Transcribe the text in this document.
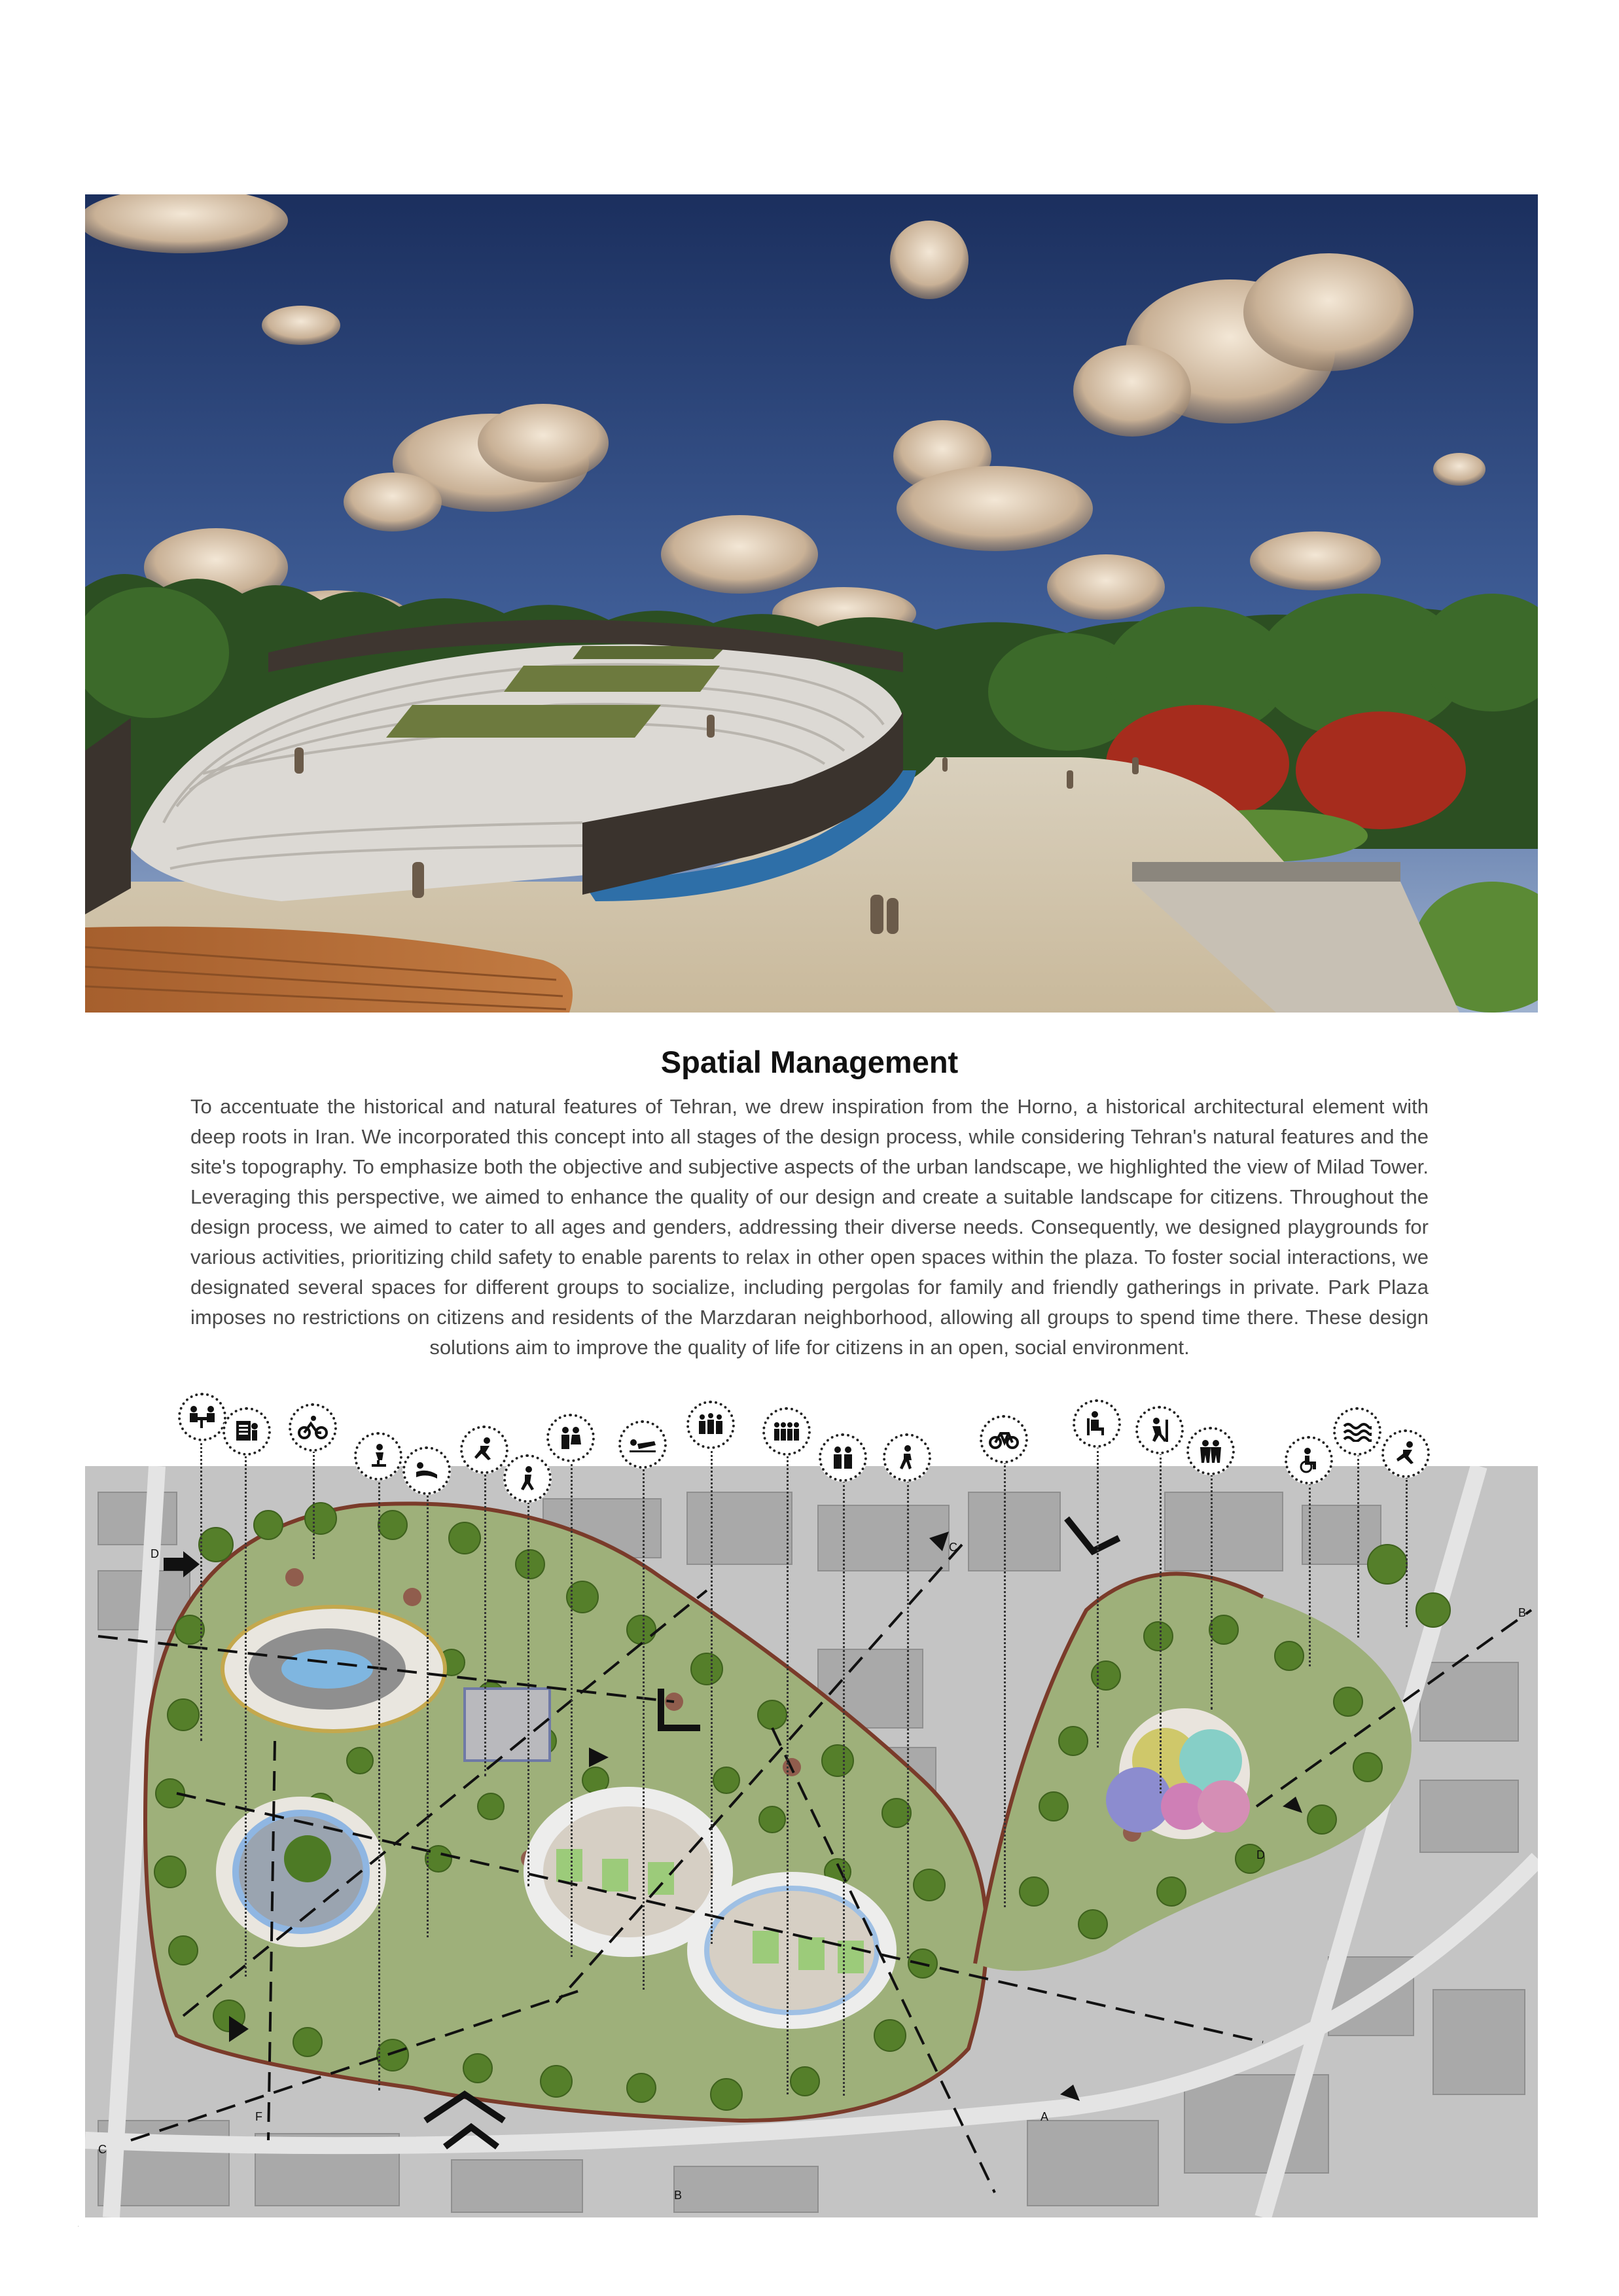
Spatial Management
To accentuate the historical and natural features of Tehran, we drew inspiration from the Horno, a historical architectural element with deep roots in Iran. We incorporated this concept into all stages of the design process, while considering Tehran's natural features and the site's topography. To emphasize both the objective and subjective aspects of the urban landscape, we highlighted the view of Milad Tower. Leveraging this perspective, we aimed to enhance the quality of our design and create a suitable landscape for citizens. Throughout the design process, we aimed to cater to all ages and genders, addressing their diverse needs. Consequently, we designed playgrounds for various activities, prioritizing child safety to enable parents to relax in other open spaces within the plaza. To foster social interactions, we designated several spaces for different groups to socialize, including pergolas for family and friendly gatherings in private. Park Plaza imposes no restrictions on citizens and residents of the Marzdaran neighborhood, allowing all groups to spend time there. These design solutions aim to improve the quality of life for citizens in an open, social environment.
D
B
D
A
C
B
C
F
·
